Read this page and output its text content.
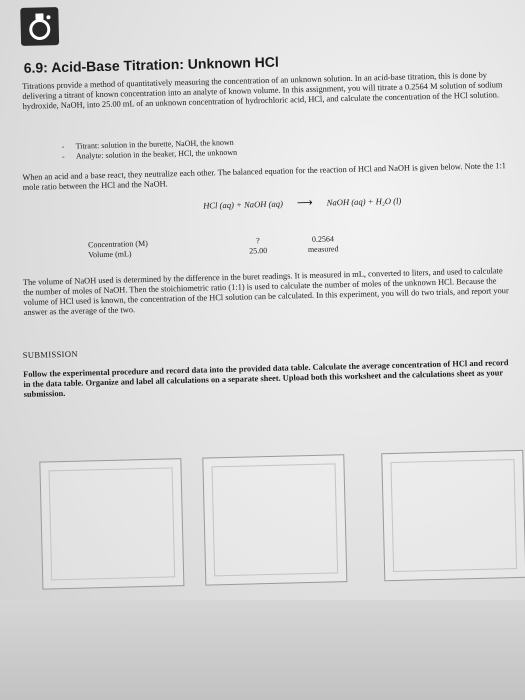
6.9: Acid-Base Titration: Unknown HCl
Titrations provide a method of quantitatively measuring the concentration of an unknown solution. In an acid-base titration, this is done by delivering a titrant of known concentration into an analyte of known volume. In this assignment, you will titrate a 0.2564 M solution of sodium hydroxide, NaOH, into 25.00 mL of an unknown concentration of hydrochloric acid, HCl, and calculate the concentration of the HCl solution.
- Titrant: solution in the burette, NaOH, the known
- Analyte: solution in the beaker, HCl, the unknown
When an acid and a base react, they neutralize each other. The balanced equation for the reaction of HCl and NaOH is given below. Note the 1:1 mole ratio between the HCl and the NaOH.
HCl (aq) + NaOH (aq) ⟶ NaOH (aq) + H₂O (l)
Concentration (M)	?	0.2564
Volume (mL)	25.00	measured
The volume of NaOH used is determined by the difference in the buret readings. It is measured in mL, converted to liters, and used to calculate the number of moles of NaOH. Then the stoichiometric ratio (1:1) is used to calculate the number of moles of the unknown HCl. Because the volume of HCl used is known, the concentration of the HCl solution can be calculated. In this experiment, you will do two trials, and report your answer as the average of the two.
SUBMISSION
Follow the experimental procedure and record data into the provided data table. Calculate the average concentration of HCl and record in the data table. Organize and label all calculations on a separate sheet. Upload both this worksheet and the calculations sheet as your submission.
